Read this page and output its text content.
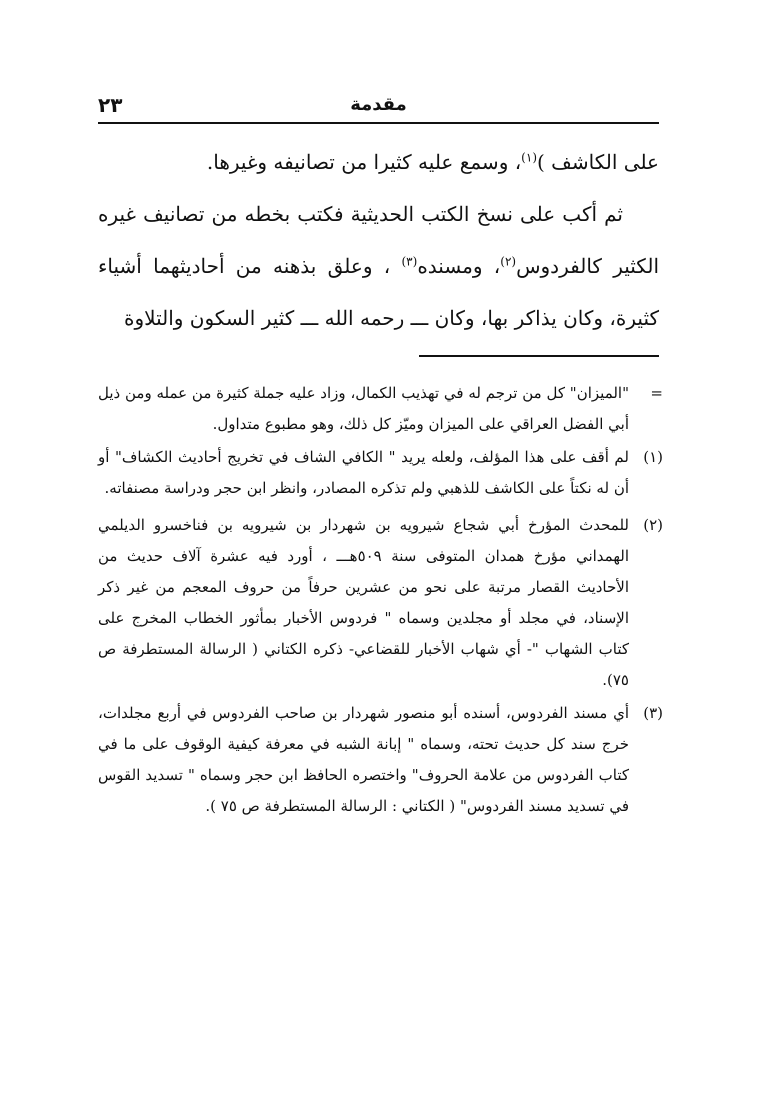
٢٣	مقدمة

على الكاشف )$^{(١)}$، وسمع عليه كثيرا من تصانيفه وغيرها.

ثم أكب على نسخ الكتب الحديثية فكتب بخطه من تصانيف غيره الكثير كالفردوس$^{(٢)}$، ومسنده$^{(٣)}$ ، وعلق بذهنه من أحاديثهما أشياء كثيرة، وكان يذاكر بها، وكان ـــ رحمه الله ـــ كثير السكون والتلاوة

=

"الميزان" كل من ترجم له في تهذيب الكمال، وزاد عليه جملة كثيرة من عمله ومن ذيل أبي الفضل العراقي على الميزان وميّز كل ذلك، وهو مطبوع متداول.

(١)

لم أقف على هذا المؤلف، ولعله يريد " الكافي الشاف في تخريج أحاديث الكشاف" أو أن له نكتاً على الكاشف للذهبي ولم تذكره المصادر، وانظر ابن حجر ودراسة مصنفاته.

(٢)

للمحدث المؤرخ أبي شجاع شيرويه بن شهردار بن شيرويه بن فناخسرو الديلمي الهمداني مؤرخ همدان المتوفى سنة ٥٠٩هـــ ، أورد فيه عشرة آلاف حديث من الأحاديث القصار مرتبة على نحو من عشرين حرفاً من حروف المعجم من غير ذكر الإسناد، في مجلد أو مجلدين وسماه " فردوس الأخبار بمأثور الخطاب المخرج على كتاب الشهاب "- أي شهاب الأخبار للقضاعي- ذكره الكتاني ( الرسالة المستطرفة ص ٧٥).

(٣)

أي مسند الفردوس، أسنده أبو منصور شهردار بن صاحب الفردوس في أربع مجلدات، خرج سند كل حديث تحته، وسماه " إبانة الشبه في معرفة كيفية الوقوف على ما في كتاب الفردوس من علامة الحروف" واختصره الحافظ ابن حجر وسماه " تسديد القوس في تسديد مسند الفردوس" ( الكتاني : الرسالة المستطرفة ص ٧٥ ).
